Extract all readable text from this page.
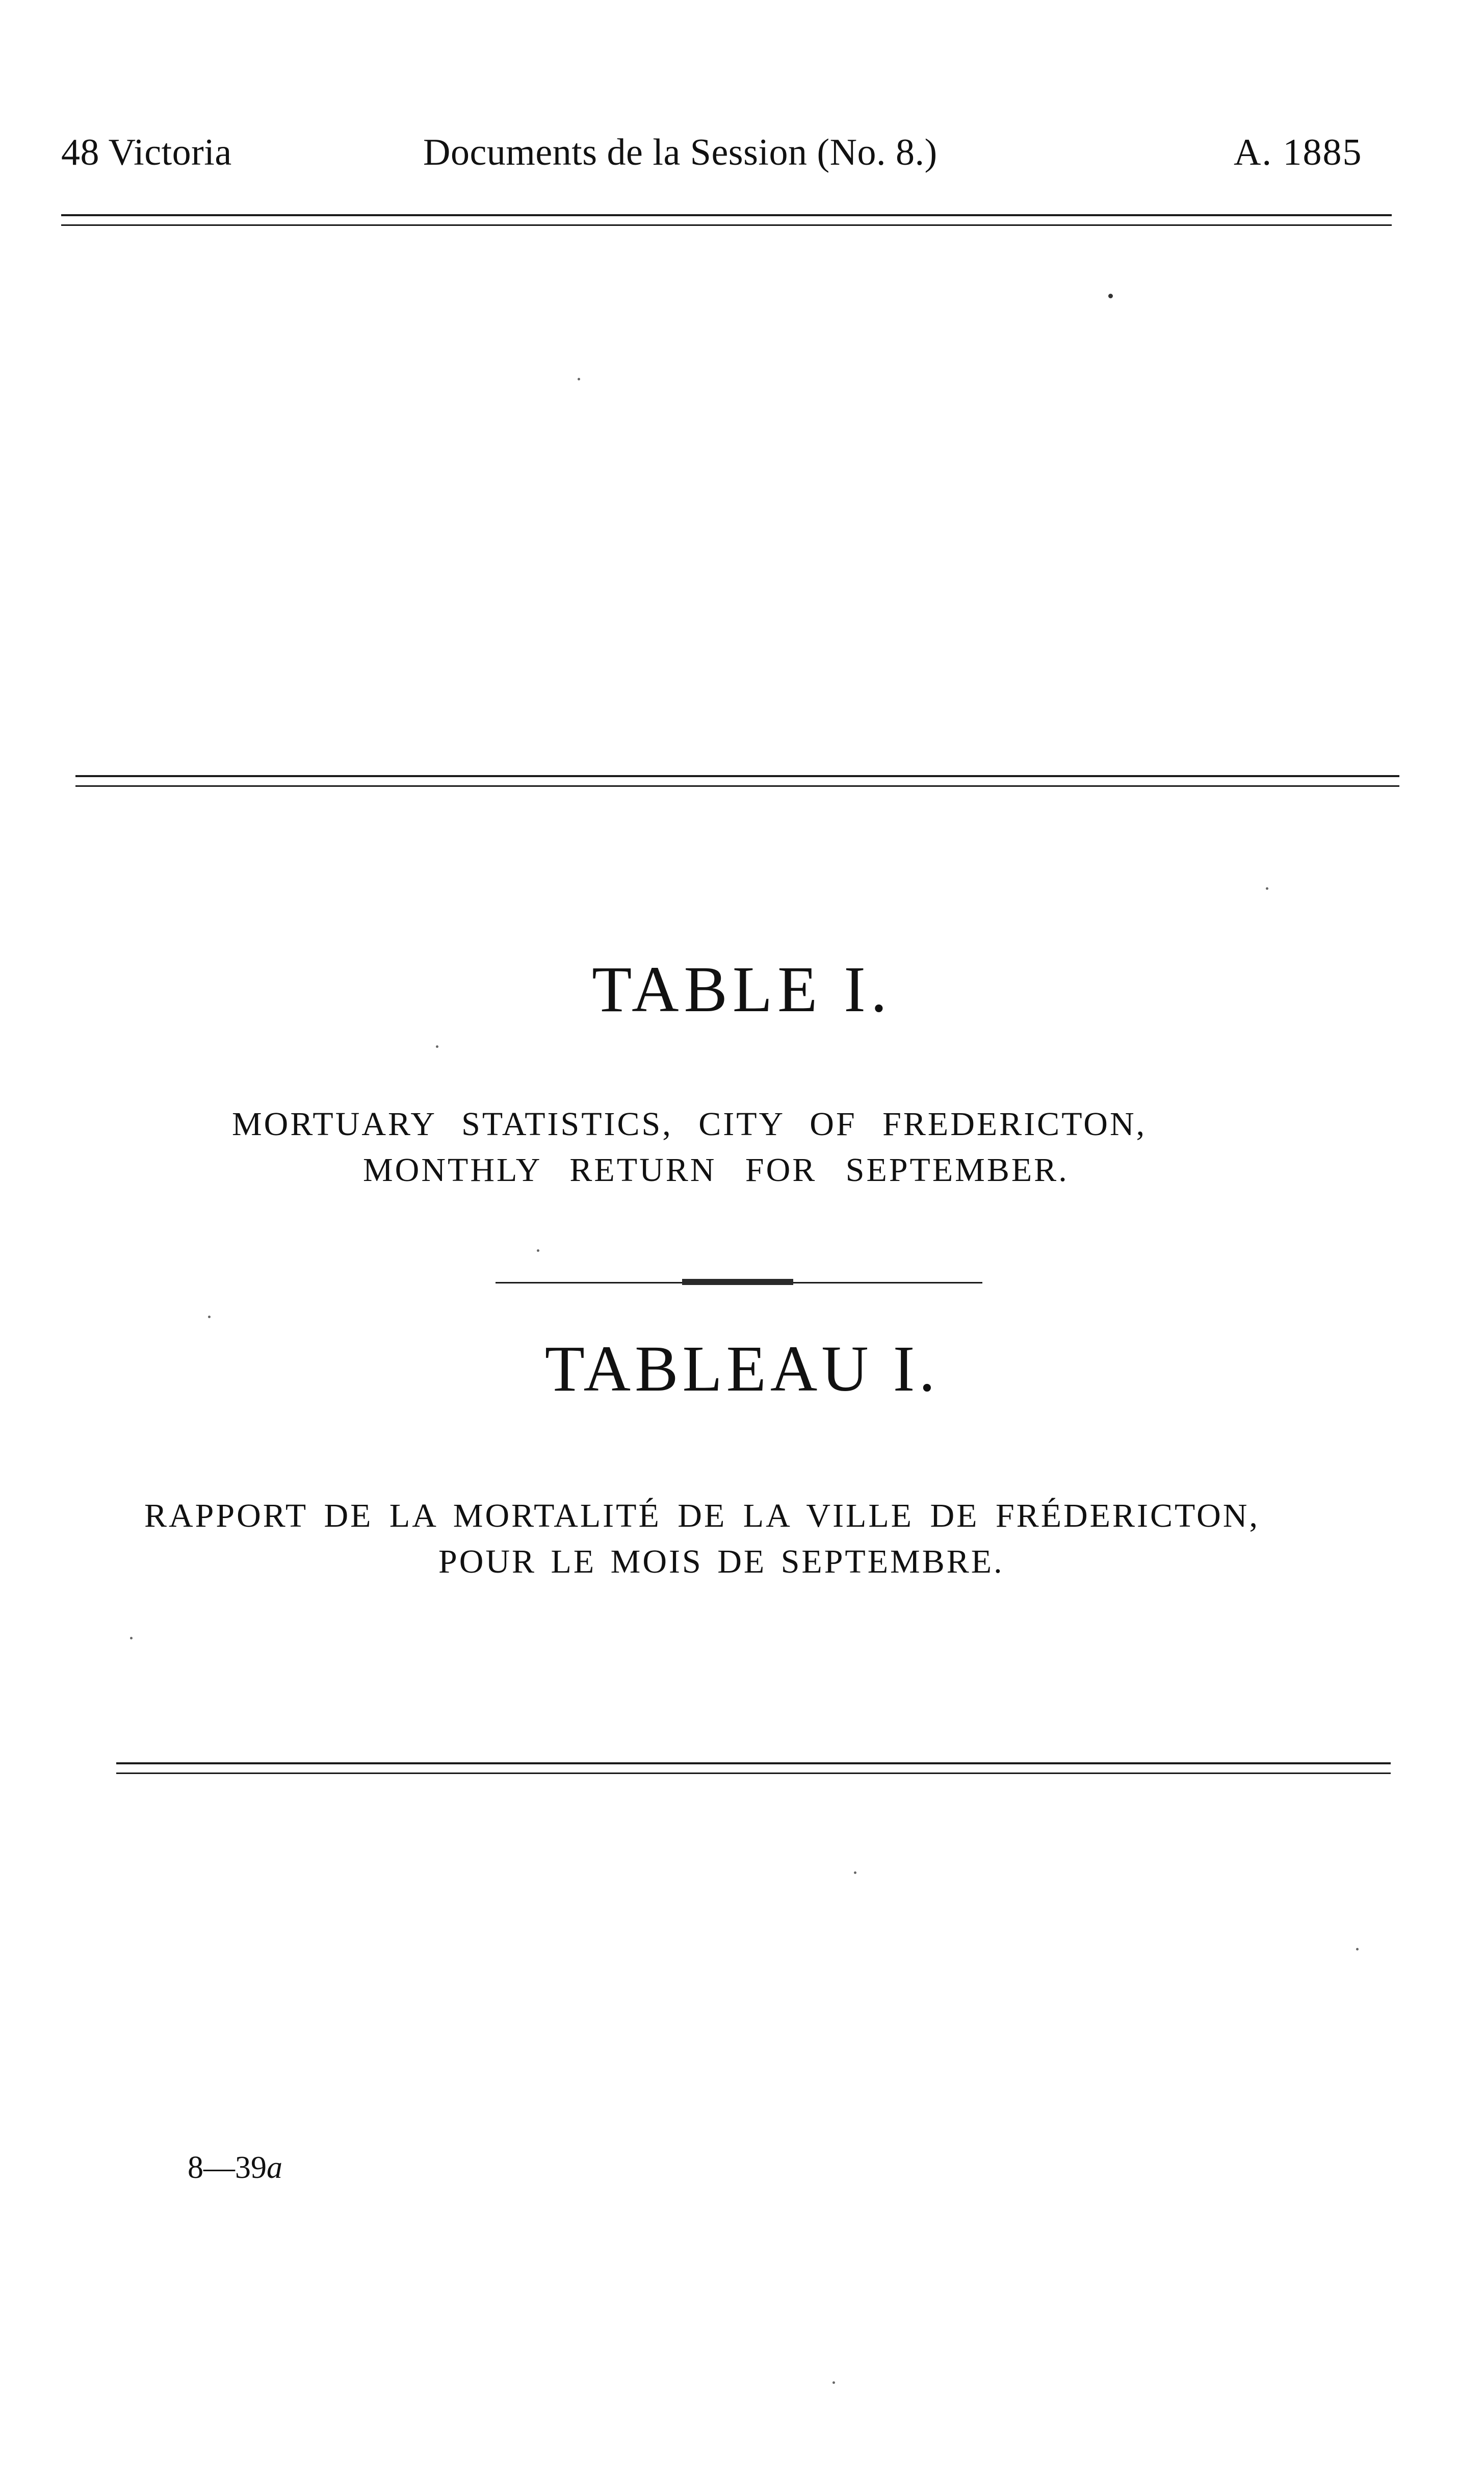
48 Victoria	Documents de la Session (No. 8.)	A. 1885
TABLE I.
MORTUARY STATISTICS, CITY OF FREDERICTON,
MONTHLY RETURN FOR SEPTEMBER.
TABLEAU I.
RAPPORT DE LA MORTALITÉ DE LA VILLE DE FRÉDERICTON,
POUR LE MOIS DE SEPTEMBRE.
8—39a
